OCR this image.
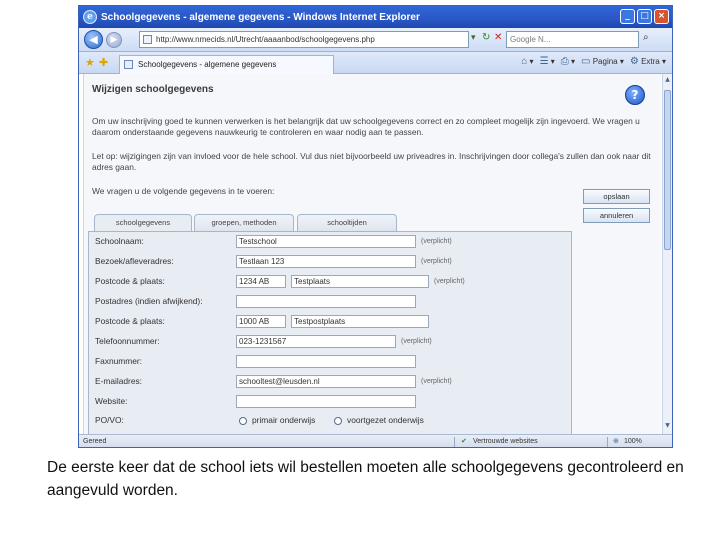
e Schoolgegevens - algemene gegevens - Windows Internet Explorer	_	□ ×
◀	▶	http://www.nmecids.nl/Utrecht/aaaanbod/schoolgegevens.php	▾ ↻ ✕ Google N...	⌕
★ ✚	Schoolgegevens - algemene gegevens	⌂ ▾ ☰ ▾ ⎙ ▾ ▭ Pagina ▾ ⚙ Extra ▾
Wijzigen schoolgegevens	?
Om uw inschrijving goed te kunnen verwerken is het belangrijk dat uw schoolgegevens correct en zo compleet mogelijk zijn ingevoerd. We vragen u daarom onderstaande gegevens nauwkeurig te controleren en waar nodig aan te passen.
Let op: wijzigingen zijn van invloed voor de hele school. Vul dus niet bijvoorbeeld uw priveadres in. Inschrijvingen door collega's zullen dan ook naar dit adres gaan.
We vragen u de volgende gegevens in te voeren:
opslaan
annuleren
schoolgegevens	groepen, methoden	schooltijden
Schoolnaam:	Testschool	(verplicht)
Bezoek/afleveradres:	Testlaan 123	(verplicht)
Postcode & plaats:	1234 AB	Testplaats	(verplicht)
Postadres (indien afwijkend):
Postcode & plaats:	1000 AB	Testpostplaats
Telefoonnummer:	023-1231567	(verplicht)
Faxnummer:
E-mailadres:	schooltest@leusden.nl	(verplicht)
Website:
PO/VO:	primair onderwijs	voortgezet onderwijs
▲
▼
Gereed	✔ Vertrouwde websites	⊕ 100%
De eerste keer dat de school iets wil bestellen moeten alle schoolgegevens gecontroleerd en aangevuld worden.
